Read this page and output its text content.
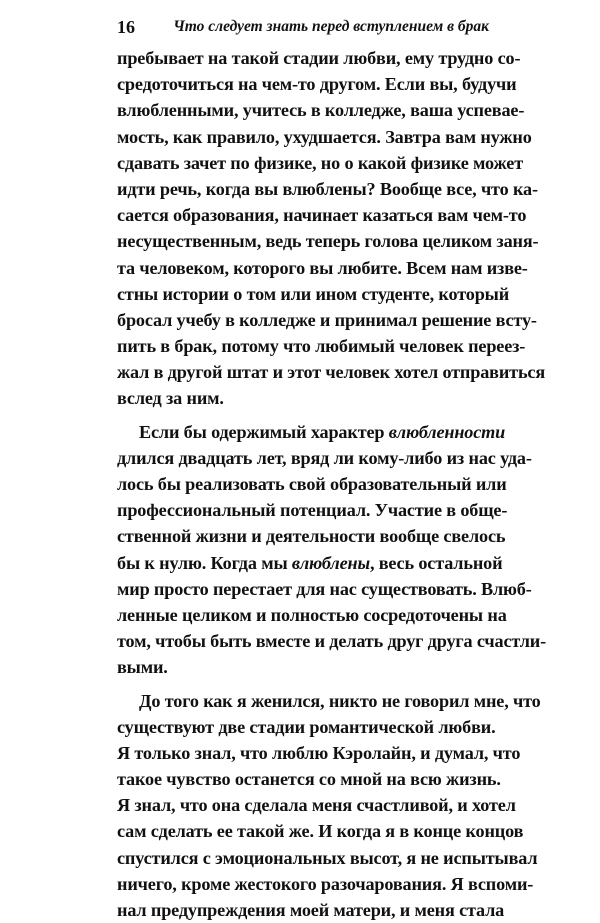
16 Что следует знать перед вступлением в брак
пребывает на такой стадии любви, ему трудно со-
средоточиться на чем-то другом. Если вы, будучи
влюбленными, учитесь в колледже, ваша успевае-
мость, как правило, ухудшается. Завтра вам нужно
сдавать зачет по физике, но о какой физике может
идти речь, когда вы влюблены? Вообще все, что ка-
сается образования, начинает казаться вам чем-то
несущественным, ведь теперь голова целиком заня-
та человеком, которого вы любите. Всем нам изве-
стны истории о том или ином студенте, который
бросал учебу в колледже и принимал решение всту-
пить в брак, потому что любимый человек переез-
жал в другой штат и этот человек хотел отправиться
вслед за ним.
Если бы одержимый характер влюбленности
длился двадцать лет, вряд ли кому-либо из нас уда-
лось бы реализовать свой образовательный или
профессиональный потенциал. Участие в обще-
ственной жизни и деятельности вообще свелось
бы к нулю. Когда мы влюблены, весь остальной
мир просто перестает для нас существовать. Влюб-
ленные целиком и полностью сосредоточены на
том, чтобы быть вместе и делать друг друга счастли-
выми.
До того как я женился, никто не говорил мне, что
существуют две стадии романтической любви.
Я только знал, что люблю Кэролайн, и думал, что
такое чувство останется со мной на всю жизнь.
Я знал, что она сделала меня счастливой, и хотел
сам сделать ее такой же. И когда я в конце концов
спустился с эмоциональных высот, я не испытывал
ничего, кроме жестокого разочарования. Я вспоми-
нал предупреждения моей матери, и меня стала
